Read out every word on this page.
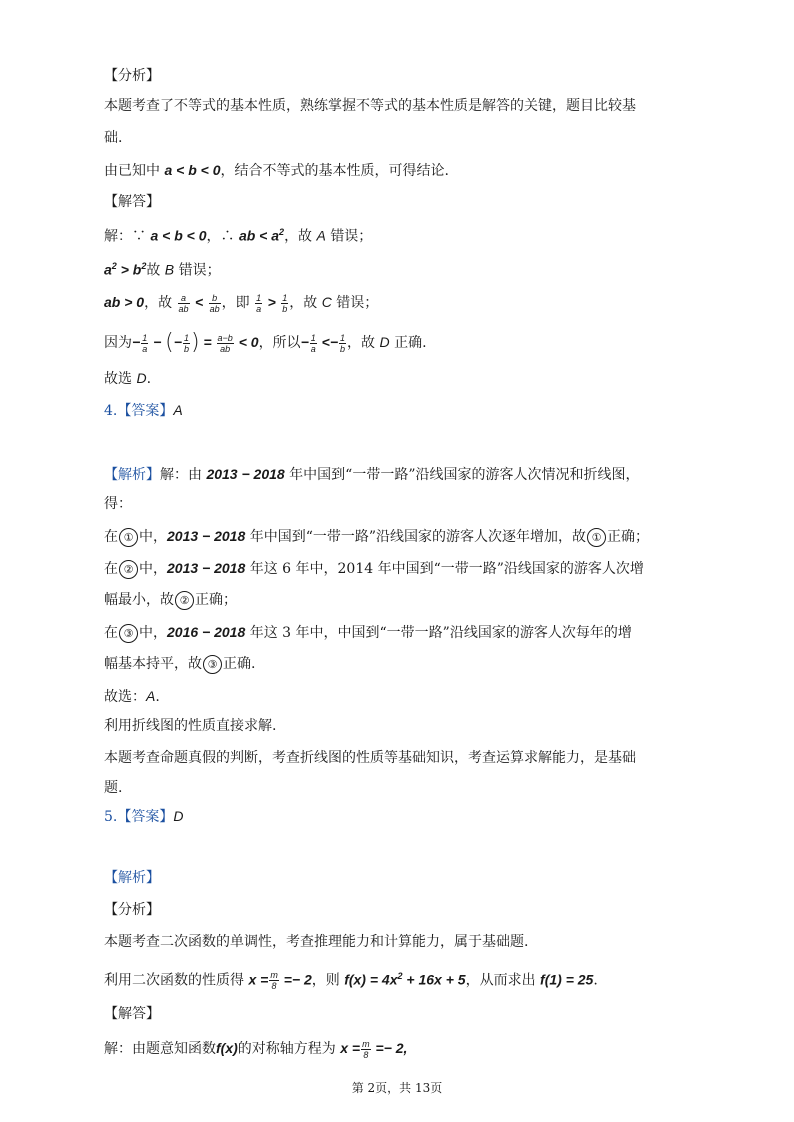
【分析】
本题考查了不等式的基本性质，熟练掌握不等式的基本性质是解答的关键，题目比较基
础.
由已知中 a < b < 0，结合不等式的基本性质，可得结论.
【解答】
解：∵ a < b < 0，∴ ab < $a^2$，故 A 错误；
$a^2 > b^2$故 B 错误；
ab > 0，故 $\frac{a}{ab} < \frac{b}{ab}$ ，即 $\frac{1}{a} > \frac{1}{b}$ ，故 C 错误；
因为− $\frac{1}{a}$ − (− $\frac{1}{b}$ ) = $\frac{a-b}{ab} < 0$，所以− $\frac{1}{a} <- \frac{1}{b}$ ，故 D 正确.
故选 D.
4.【答案】A
【解析】解：由 2013 − 2018 年中国到“一带一路”沿线国家的游客人次情况和折线图，
得：
在 ① 中，2013 − 2018 年中国到“一带一路”沿线国家的游客人次逐年增加，故 ① 正确；
在 ② 中，2013 − 2018 年这 6 年中，2014 年中国到“一带一路”沿线国家的游客人次增
幅最小，故 ② 正确；
在 ③ 中，2016 − 2018 年这 3 年中，中国到“一带一路”沿线国家的游客人次每年的增
幅基本持平，故 ③ 正确.
故选：A.
利用折线图的性质直接求解.
本题考查命题真假的判断，考查折线图的性质等基础知识，考查运算求解能力，是基础
题.
5.【答案】D
【解析】
【分析】
本题考查二次函数的单调性，考查推理能力和计算能力，属于基础题.
利用二次函数的性质得 $x = \frac{m}{8} =- 2$，则 $f(x) = 4x^2 + 16x + 5$，从而求出 f(1) = 25.
【解答】
解：由题意知函数f(x)的对称轴方程为 $x = \frac{m}{8} =- 2$,
第 2页，共 13页
